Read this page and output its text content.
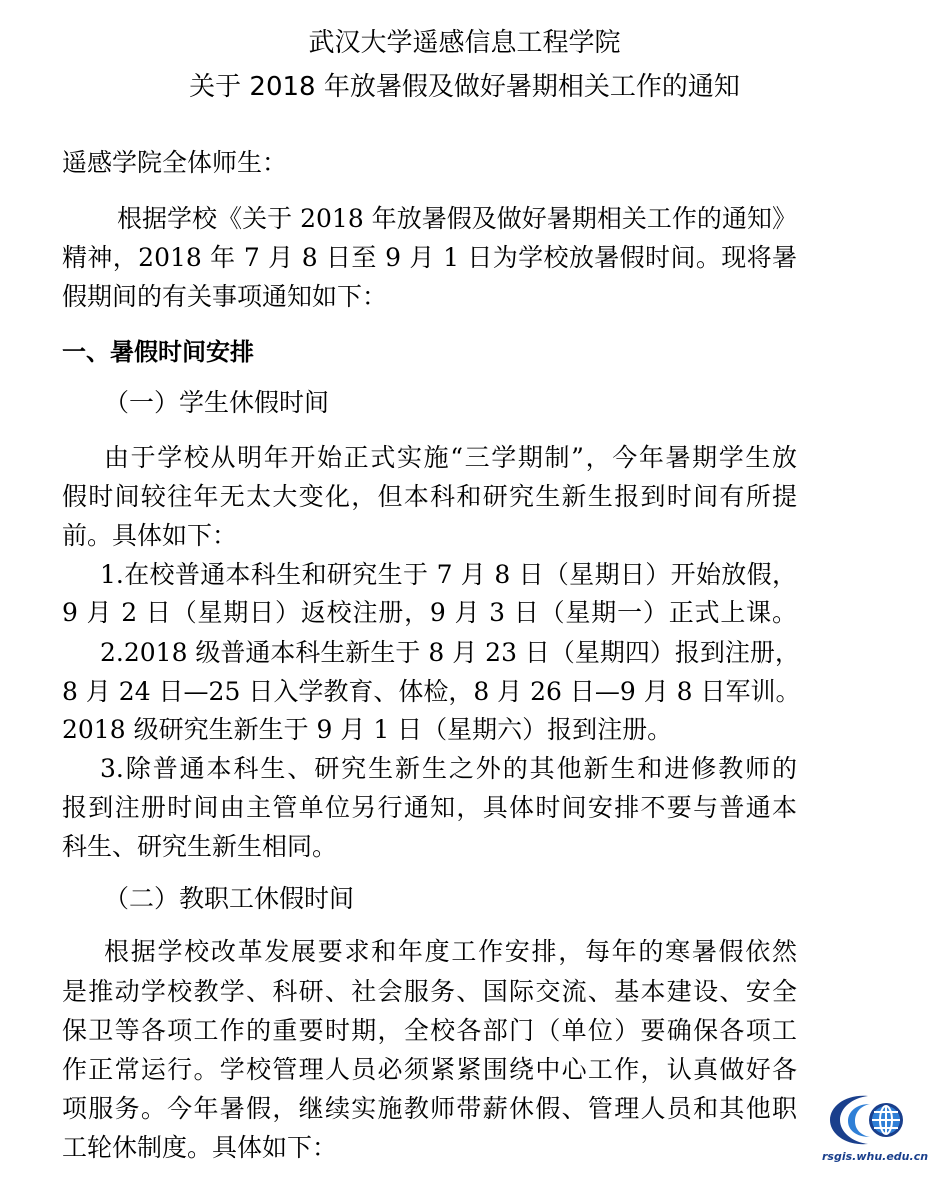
武汉大学遥感信息工程学院
关于 2018 年放暑假及做好暑期相关工作的通知
遥感学院全体师生：
根据学校《关于 2018 年放暑假及做好暑期相关工作的通知》
精神，2018 年 7 月 8 日至 9 月 1 日为学校放暑假时间。现将暑
假期间的有关事项通知如下：
一、暑假时间安排
（一）学生休假时间
由于学校从明年开始正式实施“三学期制”，今年暑期学生放
假时间较往年无太大变化，但本科和研究生新生报到时间有所提
前。具体如下：
1.在校普通本科生和研究生于 7 月 8 日（星期日）开始放假，
9 月 2 日（星期日）返校注册，9 月 3 日（星期一）正式上课。
2.2018 级普通本科生新生于 8 月 23 日（星期四）报到注册，
8 月 24 日—25 日入学教育、体检，8 月 26 日—9 月 8 日军训。
2018 级研究生新生于 9 月 1 日（星期六）报到注册。
3.除普通本科生、研究生新生之外的其他新生和进修教师的
报到注册时间由主管单位另行通知，具体时间安排不要与普通本
科生、研究生新生相同。
（二）教职工休假时间
根据学校改革发展要求和年度工作安排，每年的寒暑假依然
是推动学校教学、科研、社会服务、国际交流、基本建设、安全
保卫等各项工作的重要时期，全校各部门（单位）要确保各项工
作正常运行。学校管理人员必须紧紧围绕中心工作，认真做好各
项服务。今年暑假，继续实施教师带薪休假、管理人员和其他职
工轮休制度。具体如下：	rsgis.whu.edu.cn
